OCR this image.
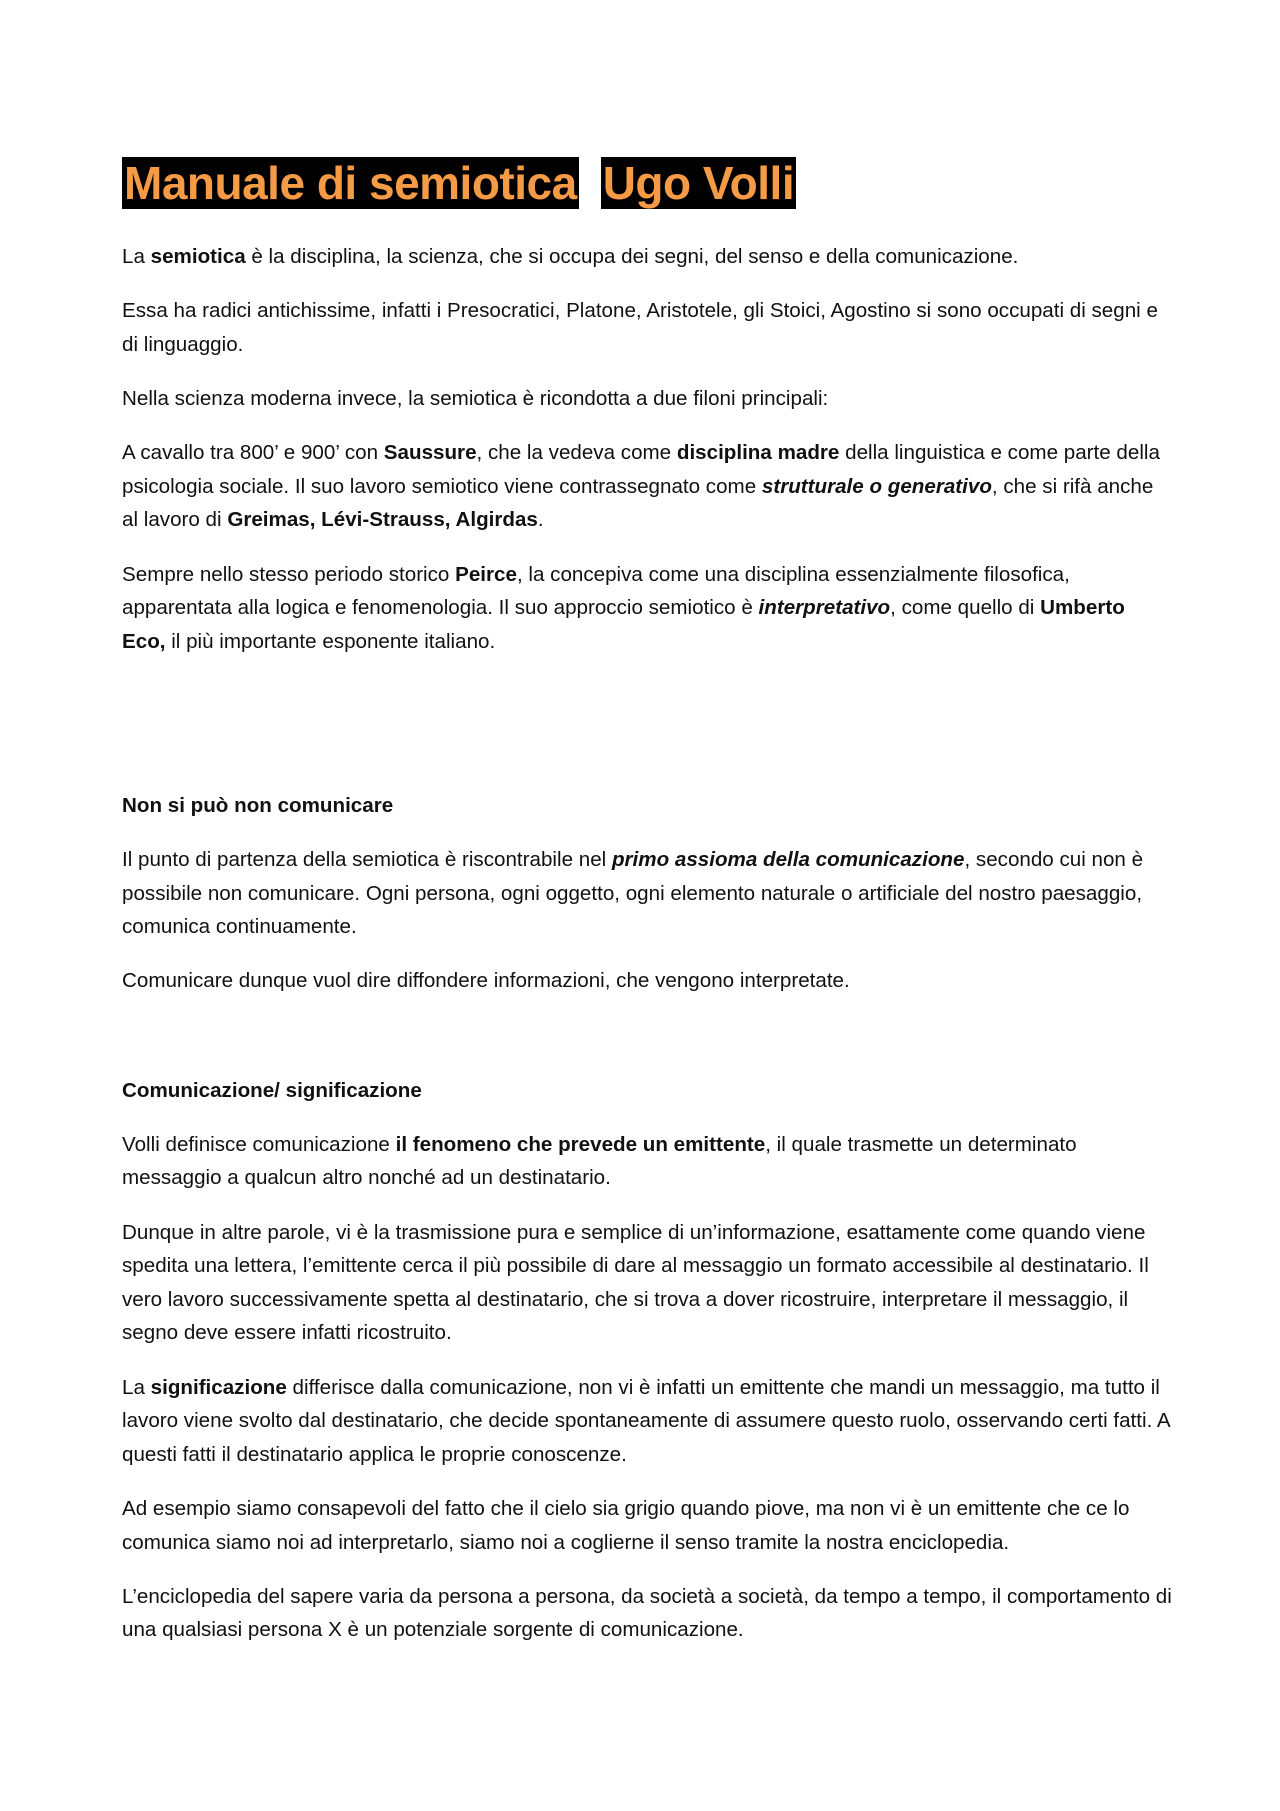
Manuale di semiotica Ugo Volli

La semiotica è la disciplina, la scienza, che si occupa dei segni, del senso e della comunicazione.

Essa ha radici antichissime, infatti i Presocratici, Platone, Aristotele, gli Stoici, Agostino si sono occupati di segni e di linguaggio.

Nella scienza moderna invece, la semiotica è ricondotta a due filoni principali:

A cavallo tra 800’ e 900’ con Saussure, che la vedeva come disciplina madre della linguistica e come parte della psicologia sociale. Il suo lavoro semiotico viene contrassegnato come strutturale o generativo, che si rifà anche al lavoro di Greimas, Lévi-Strauss, Algirdas.

Sempre nello stesso periodo storico Peirce, la concepiva come una disciplina essenzialmente filosofica, apparentata alla logica e fenomenologia. Il suo approccio semiotico è interpretativo, come quello di Umberto Eco, il più importante esponente italiano.

Non si può non comunicare

Il punto di partenza della semiotica è riscontrabile nel primo assioma della comunicazione, secondo cui non è possibile non comunicare. Ogni persona, ogni oggetto, ogni elemento naturale o artificiale del nostro paesaggio, comunica continuamente.

Comunicare dunque vuol dire diffondere informazioni, che vengono interpretate.

Comunicazione/ significazione

Volli definisce comunicazione il fenomeno che prevede un emittente, il quale trasmette un determinato messaggio a qualcun altro nonché ad un destinatario.

Dunque in altre parole, vi è la trasmissione pura e semplice di un’informazione, esattamente come quando viene spedita una lettera, l’emittente cerca il più possibile di dare al messaggio un formato accessibile al destinatario. Il vero lavoro successivamente spetta al destinatario, che si trova a dover ricostruire, interpretare il messaggio, il segno deve essere infatti ricostruito.

La significazione differisce dalla comunicazione, non vi è infatti un emittente che mandi un messaggio, ma tutto il lavoro viene svolto dal destinatario, che decide spontaneamente di assumere questo ruolo, osservando certi fatti. A questi fatti il destinatario applica le proprie conoscenze.

Ad esempio siamo consapevoli del fatto che il cielo sia grigio quando piove, ma non vi è un emittente che ce lo comunica siamo noi ad interpretarlo, siamo noi a coglierne il senso tramite la nostra enciclopedia.

L’enciclopedia del sapere varia da persona a persona, da società a società, da tempo a tempo, il comportamento di una qualsiasi persona X è un potenziale sorgente di comunicazione.
